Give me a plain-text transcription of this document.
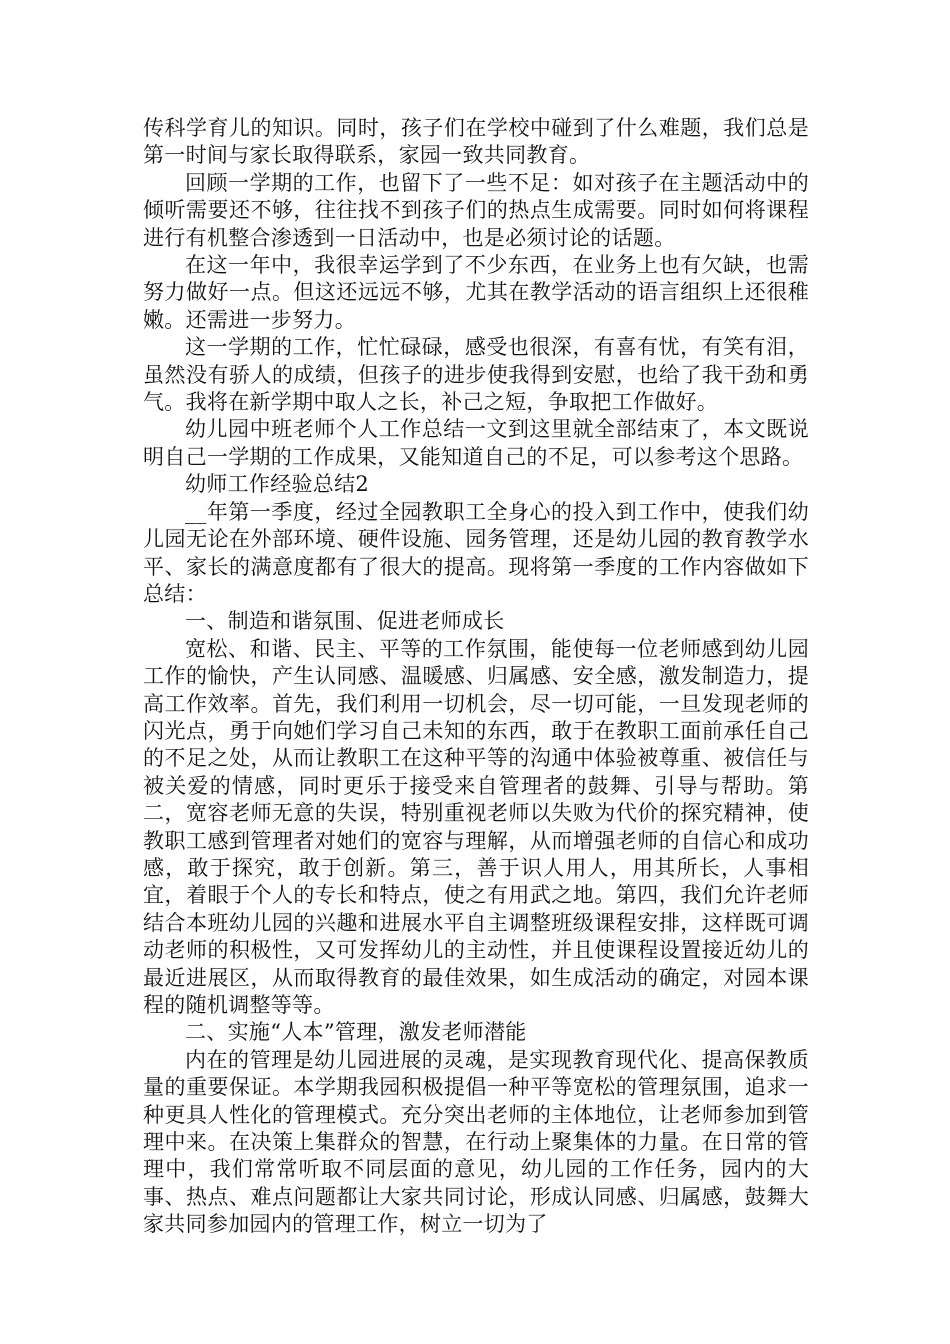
传科学育儿的知识。同时，孩子们在学校中碰到了什么难题，我们总是第一时间与家长取得联系，家园一致共同教育。

回顾一学期的工作，也留下了一些不足：如对孩子在主题活动中的倾听需要还不够，往往找不到孩子们的热点生成需要。同时如何将课程进行有机整合渗透到一日活动中，也是必须讨论的话题。

在这一年中，我很幸运学到了不少东西，在业务上也有欠缺，也需努力做好一点。但这还远远不够，尤其在教学活动的语言组织上还很稚嫩。还需进一步努力。

这一学期的工作，忙忙碌碌，感受也很深，有喜有忧，有笑有泪，虽然没有骄人的成绩，但孩子的进步使我得到安慰，也给了我干劲和勇气。我将在新学期中取人之长，补己之短，争取把工作做好。

幼儿园中班老师个人工作总结一文到这里就全部结束了，本文既说明自己一学期的工作成果，又能知道自己的不足，可以参考这个思路。

幼师工作经验总结2

__年第一季度，经过全园教职工全身心的投入到工作中，使我们幼儿园无论在外部环境、硬件设施、园务管理，还是幼儿园的教育教学水平、家长的满意度都有了很大的提高。现将第一季度的工作内容做如下总结：

一、制造和谐氛围、促进老师成长

宽松、和谐、民主、平等的工作氛围，能使每一位老师感到幼儿园工作的愉快，产生认同感、温暖感、归属感、安全感，激发制造力，提高工作效率。首先，我们利用一切机会，尽一切可能，一旦发现老师的闪光点，勇于向她们学习自己未知的东西，敢于在教职工面前承任自己的不足之处，从而让教职工在这种平等的沟通中体验被尊重、被信任与被关爱的情感，同时更乐于接受来自管理者的鼓舞、引导与帮助。第二，宽容老师无意的失误，特别重视老师以失败为代价的探究精神，使教职工感到管理者对她们的宽容与理解，从而增强老师的自信心和成功感，敢于探究，敢于创新。第三，善于识人用人，用其所长，人事相宜，着眼于个人的专长和特点，使之有用武之地。第四，我们允许老师结合本班幼儿园的兴趣和进展水平自主调整班级课程安排，这样既可调动老师的积极性，又可发挥幼儿的主动性，并且使课程设置接近幼儿的最近进展区，从而取得教育的最佳效果，如生成活动的确定，对园本课程的随机调整等等。

二、实施“人本”管理，激发老师潜能

内在的管理是幼儿园进展的灵魂，是实现教育现代化、提高保教质量的重要保证。本学期我园积极提倡一种平等宽松的管理氛围，追求一种更具人性化的管理模式。充分突出老师的主体地位，让老师参加到管理中来。在决策上集群众的智慧，在行动上聚集体的力量。在日常的管理中，我们常常听取不同层面的意见，幼儿园的工作任务，园内的大事、热点、难点问题都让大家共同讨论，形成认同感、归属感，鼓舞大家共同参加园内的管理工作，树立一切为了
